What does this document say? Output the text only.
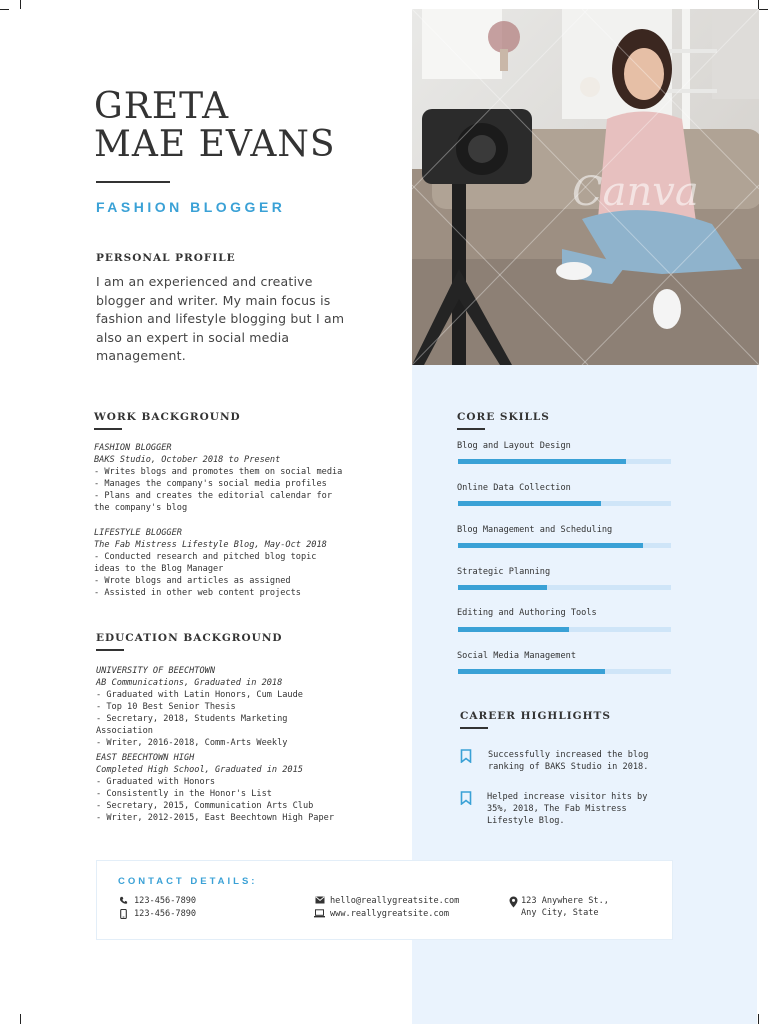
Canva
GRETA
MAE EVANS
FASHION BLOGGER
PERSONAL PROFILE
I am an experienced and creative blogger and writer. My main focus is fashion and lifestyle blogging but I am also an expert in social media management.
WORK BACKGROUND
FASHION BLOGGER
BAKS Studio, October 2018 to Present
- Writes blogs and promotes them on social media
- Manages the company's social media profiles
- Plans and creates the editorial calendar for the company's blog
LIFESTYLE BLOGGER
The Fab Mistress Lifestyle Blog, May-Oct 2018
- Conducted research and pitched blog topic ideas to the Blog Manager
- Wrote blogs and articles as assigned
- Assisted in other web content projects
EDUCATION BACKGROUND
UNIVERSITY OF BEECHTOWN
AB Communications, Graduated in 2018
- Graduated with Latin Honors, Cum Laude
- Top 10 Best Senior Thesis
- Secretary, 2018, Students Marketing Association
- Writer, 2016-2018, Comm-Arts Weekly
EAST BEECHTOWN HIGH
Completed High School, Graduated in 2015
- Graduated with Honors
- Consistently in the Honor's List
- Secretary, 2015, Communication Arts Club
- Writer, 2012-2015, East Beechtown High Paper
CORE SKILLS
Blog and Layout Design
Online Data Collection
Blog Management and Scheduling
Strategic Planning
Editing and Authoring Tools
Social Media Management
CAREER HIGHLIGHTS
Successfully increased the blog ranking of BAKS Studio in 2018.
Helped increase visitor hits by 35%, 2018, The Fab Mistress Lifestyle Blog.
CONTACT DETAILS:
123-456-7890
123-456-7890
hello@reallygreatsite.com
www.reallygreatsite.com
123 Anywhere St.,
Any City, State
